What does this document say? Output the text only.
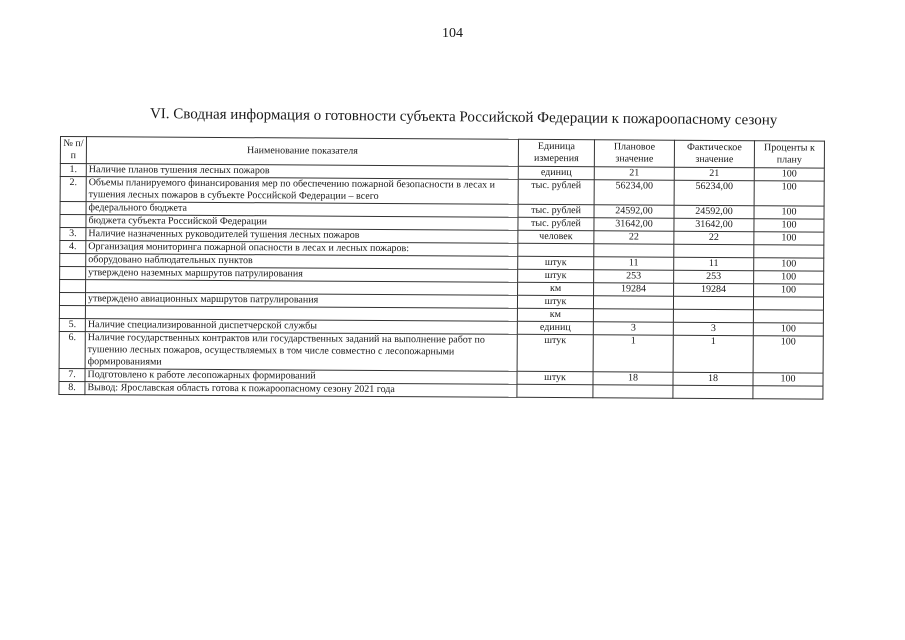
104
VI. Сводная информация о готовности субъекта Российской Федерации к пожароопасному сезону
№ п/п	Наименование показателя	Единица измерения	Плановое значение	Фактическое значение	Проценты к плану
1.	Наличие планов тушения лесных пожаров	единиц	21	21	100
2.	Объемы планируемого финансирования мер по обеспечению пожарной безопасности в лесах и тушения лесных пожаров в субъекте Российской Федерации – всего	тыс. рублей	56234,00	56234,00	100
	федерального бюджета	тыс. рублей	24592,00	24592,00	100
	бюджета субъекта Российской Федерации	тыс. рублей	31642,00	31642,00	100
3.	Наличие назначенных руководителей тушения лесных пожаров	человек	22	22	100
4.	Организация мониторинга пожарной опасности в лесах и лесных пожаров:				
	оборудовано наблюдательных пунктов	штук	11	11	100
	утверждено наземных маршрутов патрулирования	штук	253	253	100
		км	19284	19284	100
	утверждено авиационных маршрутов патрулирования	штук			
		км			
5.	Наличие специализированной диспетчерской службы	единиц	3	3	100
6.	Наличие государственных контрактов или государственных заданий на выполнение работ по тушению лесных пожаров, осуществляемых в том числе совместно с лесопожарными формированиями	штук	1	1	100
7.	Подготовлено к работе лесопожарных формирований	штук	18	18	100
8.	Вывод: Ярославская область готова к пожароопасному сезону 2021 года				
